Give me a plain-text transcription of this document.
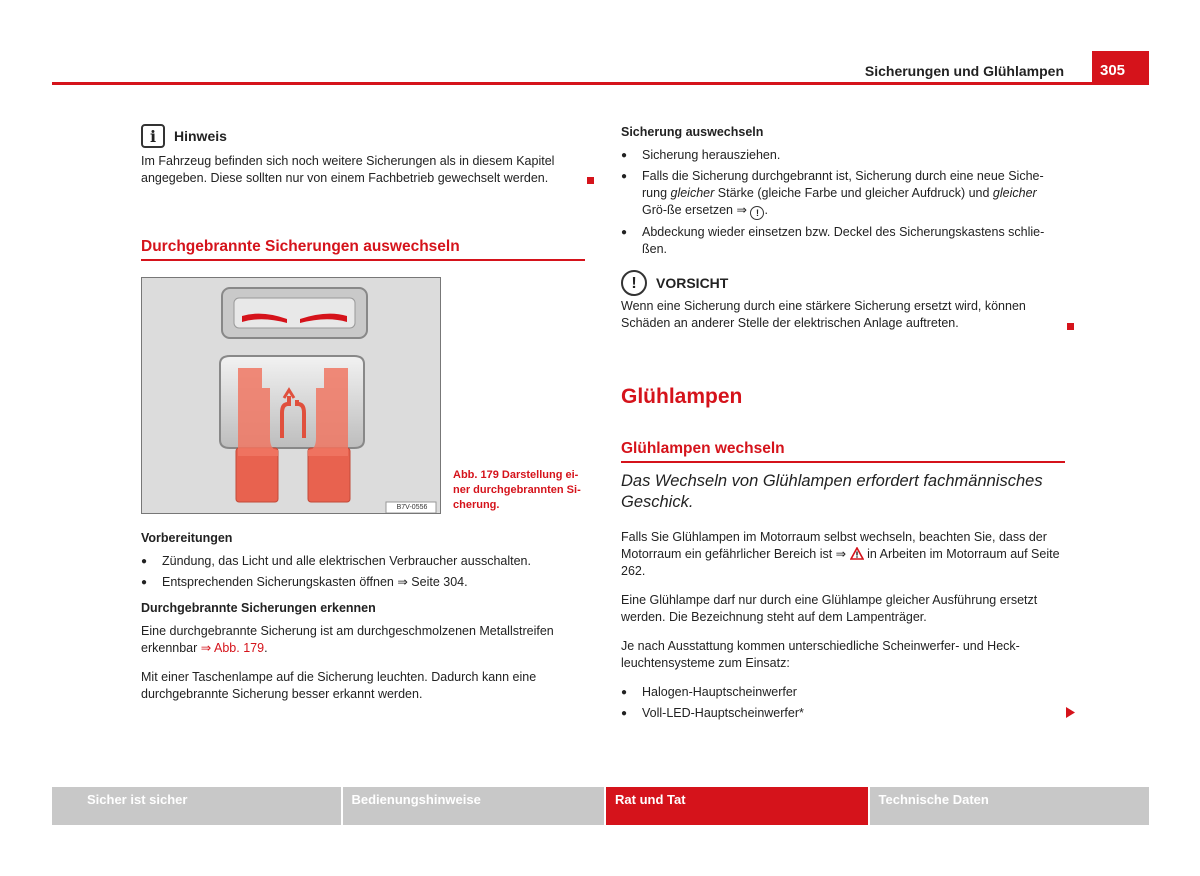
Sicherungen und Glühlampen	305
i	Hinweis

Im Fahrzeug befinden sich noch weitere Sicherungen als in diesem Kapitel angegeben. Diese sollten nur von einem Fachbetrieb gewechselt werden.

Durchgebrannte Sicherungen auswechseln
B7V-0556
Abb. 179 Darstellung ei-
ner durchgebrannten Si-
cherung.
Vorbereitungen
● Zündung, das Licht und alle elektrischen Verbraucher ausschalten.
● Entsprechenden Sicherungskasten öffnen ⇒ Seite 304.
Durchgebrannte Sicherungen erkennen

Eine durchgebrannte Sicherung ist am durchgeschmolzenen Metallstreifen erkennbar ⇒ Abb. 179.

Mit einer Taschenlampe auf die Sicherung leuchten. Dadurch kann eine durchgebrannte Sicherung besser erkannt werden.

Sicherung auswechseln
● Sicherung herausziehen.
● Falls die Sicherung durchgebrannt ist, Sicherung durch eine neue Siche-rung gleicher Stärke (gleiche Farbe und gleicher Aufdruck) und gleicher Grö-ße ersetzen ⇒ ! .
● Abdeckung wieder einsetzen bzw. Deckel des Sicherungskastens schlie-ßen.
!	VORSICHT

Wenn eine Sicherung durch eine stärkere Sicherung ersetzt wird, können Schäden an anderer Stelle der elektrischen Anlage auftreten.

Glühlampen
Glühlampen wechseln
Das Wechseln von Glühlampen erfordert fachmännisches Geschick.

Falls Sie Glühlampen im Motorraum selbst wechseln, beachten Sie, dass der Motorraum ein gefährlicher Bereich ist ⇒  in Arbeiten im Motorraum auf Seite 262.

Eine Glühlampe darf nur durch eine Glühlampe gleicher Ausführung ersetzt werden. Die Bezeichnung steht auf dem Lampenträger.

Je nach Ausstattung kommen unterschiedliche Scheinwerfer- und Heck-leuchtensysteme zum Einsatz:

● Halogen-Hauptscheinwerfer
● Voll-LED-Hauptscheinwerfer*
Sicher ist sicher	Bedienungshinweise	Rat und Tat	Technische Daten
